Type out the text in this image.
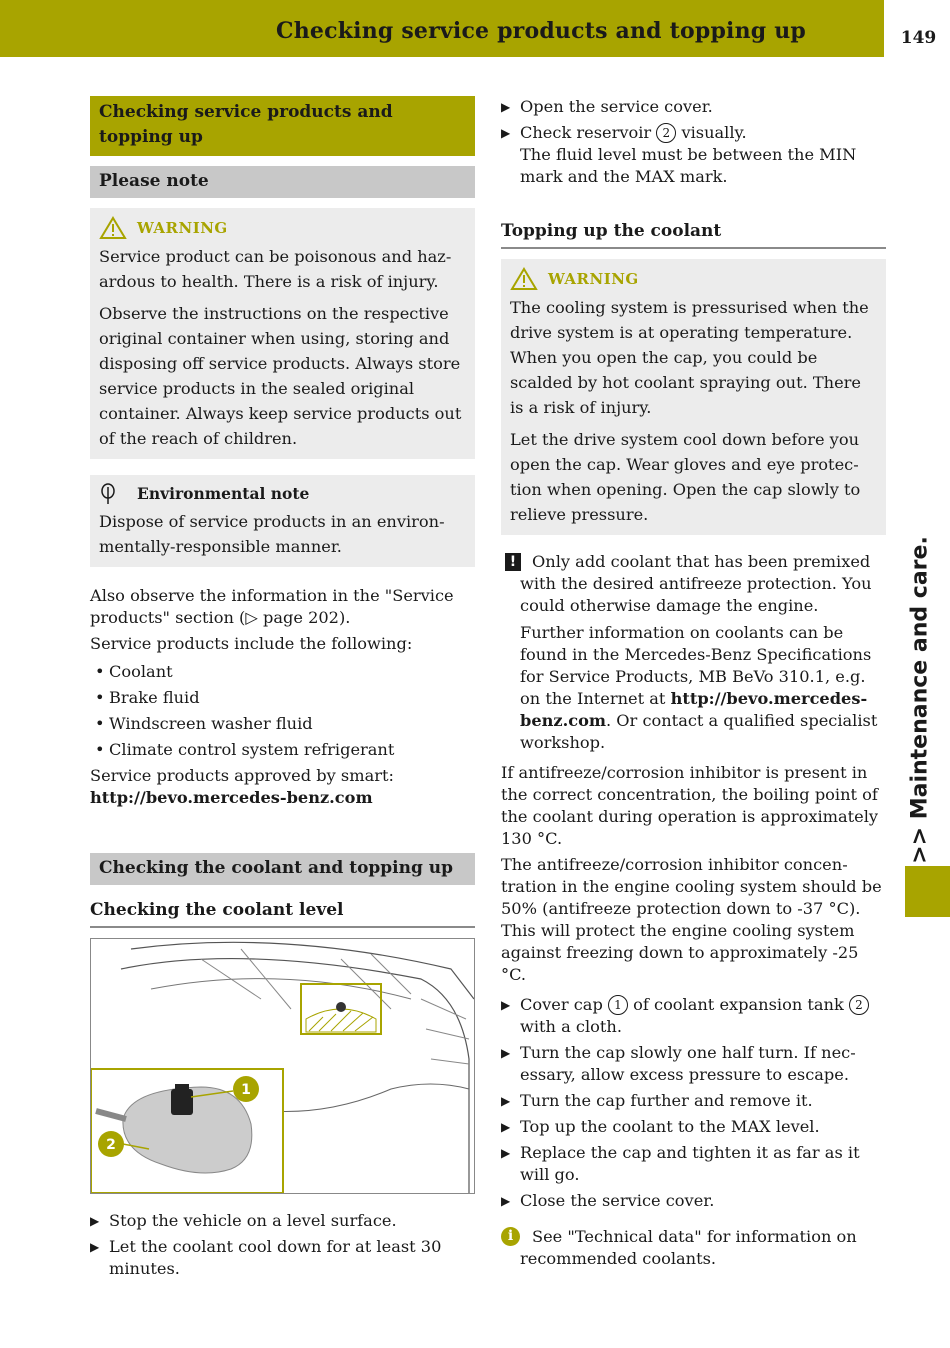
Checking service products and topping up	149
>> Maintenance and care.
Checking service products and topping up
Please note
WARNING

Service product can be poisonous and hazardous to health. There is a risk of injury.

Observe the instructions on the respective original container when using, storing and disposing off service products. Always store service products in the sealed original container. Always keep service products out of the reach of children.

Environmental note

Dispose of service products in an environmentally-responsible manner.

Also observe the information in the "Service products" section (▷ page 202).

Service products include the following:

• Coolant
• Brake fluid
• Windscreen washer fluid
• Climate control system refrigerant

Service products approved by smart: http://bevo.mercedes-benz.com

Checking the coolant and topping up
Checking the coolant level
1
2
▶ Stop the vehicle on a level surface.
▶ Let the coolant cool down for at least 30 minutes.
▶ Open the service cover.
▶ Check reservoir 2 visually.
The fluid level must be between the MIN mark and the MAX mark.
Topping up the coolant
WARNING

The cooling system is pressurised when the drive system is at operating temperature. When you open the cap, you could be scalded by hot coolant spraying out. There is a risk of injury.

Let the drive system cool down before you open the cap. Wear gloves and eye protection when opening. Open the cap slowly to relieve pressure.

! Only add coolant that has been premixed with the desired antifreeze protection. You could otherwise damage the engine.

Further information on coolants can be found in the Mercedes-Benz Specifications for Service Products, MB BeVo 310.1, e.g. on the Internet at http://bevo.mercedes-benz.com. Or contact a qualified specialist workshop.

If antifreeze/corrosion inhibitor is present in the correct concentration, the boiling point of the coolant during operation is approximately 130 °C.

The antifreeze/corrosion inhibitor concentration in the engine cooling system should be 50% (antifreeze protection down to -37 °C). This will protect the engine cooling system against freezing down to approximately -25 °C.

▶ Cover cap 1 of coolant expansion tank 2 with a cloth.
▶ Turn the cap slowly one half turn. If necessary, allow excess pressure to escape.
▶ Turn the cap further and remove it.
▶ Top up the coolant to the MAX level.
▶ Replace the cap and tighten it as far as it will go.
▶ Close the service cover.
i	See "Technical data" for information on recommended coolants.
